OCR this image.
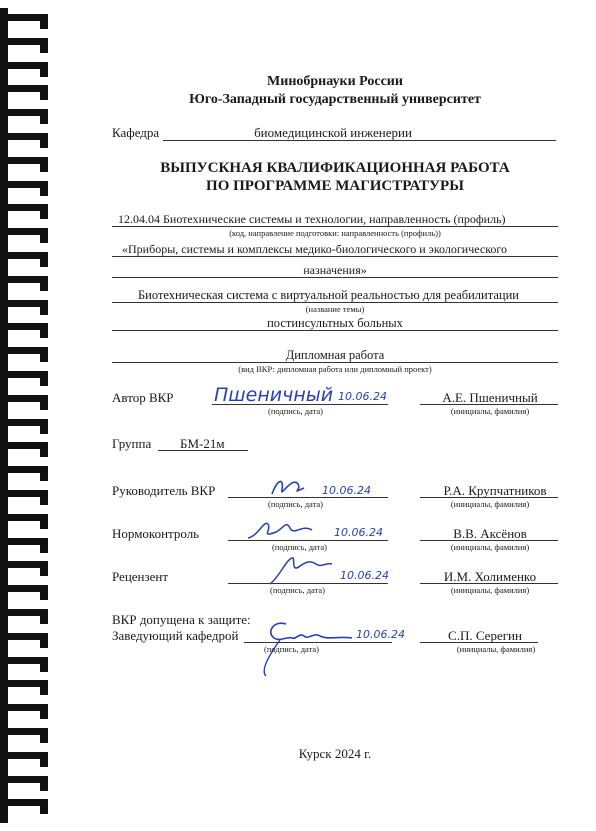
Минобрнауки России
Юго-Западный государственный университет
Кафедра	биомедицинской инженерии
ВЫПУСКНАЯ КВАЛИФИКАЦИОННАЯ РАБОТА
ПО ПРОГРАММЕ МАГИСТРАТУРЫ
12.04.04 Биотехнические системы и технологии, направленность (профиль)
(код, направление подготовки: направленность (профиль))
«Приборы, системы и комплексы медико-биологического и экологического
назначения»
Биотехническая система с виртуальной реальностью для реабилитации
(название темы)
постинсультных больных
Дипломная работа
(вид ВКР: дипломная работа или дипломный проект)
Автор ВКР Пшеничный 10.06.24
(подпись, дата)
А.Е. Пшеничный
(инициалы, фамилия)
Группа БМ-21м
Руководитель ВКР	10.06.24
(подпись, дата)
Р.А. Крупчатников
(инициалы, фамилия)
Нормоконтроль	10.06.24
(подпись, дата)
В.В. Аксёнов
(инициалы, фамилия)
Рецензент	10.06.24
(подпись, дата)
И.М. Холименко
(инициалы, фамилия)
ВКР допущена к защите:
Заведующий кафедрой	10.06.24
(подпись, дата)
С.П. Серегин
(инициалы, фамилия)
Курск 2024 г.
